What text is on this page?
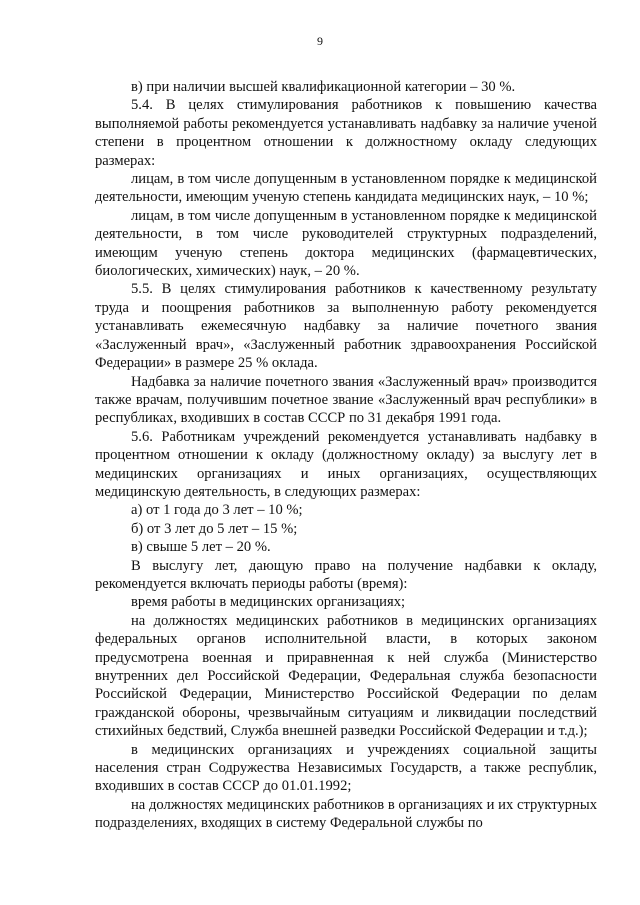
9

в) при наличии высшей квалификационной категории – 30 %.

5.4. В целях стимулирования работников к повышению качества выполняемой работы рекомендуется устанавливать надбавку за наличие ученой степени в процентном отношении к должностному окладу следующих размерах:

лицам, в том числе допущенным в установленном порядке к медицинской деятельности, имеющим ученую степень кандидата медицинских наук, – 10 %;

лицам, в том числе допущенным в установленном порядке к медицинской деятельности, в том числе руководителей структурных подразделений, имеющим ученую степень доктора медицинских (фармацевтических, биологических, химических) наук, – 20 %.

5.5. В целях стимулирования работников к качественному результату труда и поощрения работников за выполненную работу рекомендуется устанавливать ежемесячную надбавку за наличие почетного звания «Заслуженный врач», «Заслуженный работник здравоохранения Российской Федерации» в размере 25 % оклада.

Надбавка за наличие почетного звания «Заслуженный врач» производится также врачам, получившим почетное звание «Заслуженный врач республики» в республиках, входивших в состав СССР по 31 декабря 1991 года.

5.6. Работникам учреждений рекомендуется устанавливать надбавку в процентном отношении к окладу (должностному окладу) за выслугу лет в медицинских организациях и иных организациях, осуществляющих медицинскую деятельность, в следующих размерах:

а) от 1 года до 3 лет – 10 %;

б) от 3 лет до 5 лет – 15 %;

в) свыше 5 лет – 20 %.

В выслугу лет, дающую право на получение надбавки к окладу, рекомендуется включать периоды работы (время):

время работы в медицинских организациях;

на должностях медицинских работников в медицинских организациях федеральных органов исполнительной власти, в которых законом предусмотрена военная и приравненная к ней служба (Министерство внутренних дел Российской Федерации, Федеральная служба безопасности Российской Федерации, Министерство Российской Федерации по делам гражданской обороны, чрезвычайным ситуациям и ликвидации последствий стихийных бедствий, Служба внешней разведки Российской Федерации и т.д.);

в медицинских организациях и учреждениях социальной защиты населения стран Содружества Независимых Государств, а также республик, входивших в состав СССР до 01.01.1992;

на должностях медицинских работников в организациях и их структурных подразделениях, входящих в систему Федеральной службы по
